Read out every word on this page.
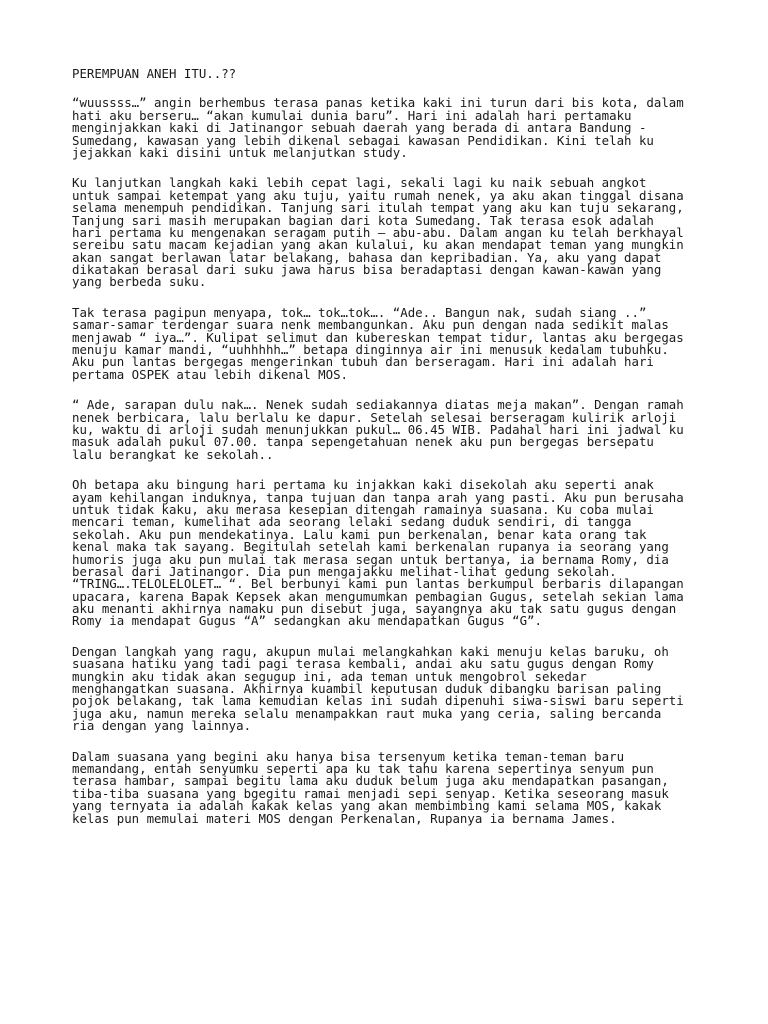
PEREMPUAN ANEH ITU..??
“wuussss…” angin berhembus terasa panas ketika kaki ini turun dari bis kota, dalam
hati aku berseru… “akan kumulai dunia baru”. Hari ini adalah hari pertamaku
menginjakkan kaki di Jatinangor sebuah daerah yang berada di antara Bandung -
Sumedang, kawasan yang lebih dikenal sebagai kawasan Pendidikan. Kini telah ku
jejakkan kaki disini untuk melanjutkan study.
Ku lanjutkan langkah kaki lebih cepat lagi, sekali lagi ku naik sebuah angkot
untuk sampai ketempat yang aku tuju, yaitu rumah nenek, ya aku akan tinggal disana
selama menempuh pendidikan. Tanjung sari itulah tempat yang aku kan tuju sekarang,
Tanjung sari masih merupakan bagian dari kota Sumedang. Tak terasa esok adalah
hari pertama ku mengenakan seragam putih – abu-abu. Dalam angan ku telah berkhayal
sereibu satu macam kejadian yang akan kulalui, ku akan mendapat teman yang mungkin
akan sangat berlawan latar belakang, bahasa dan kepribadian. Ya, aku yang dapat
dikatakan berasal dari suku jawa harus bisa beradaptasi dengan kawan-kawan yang
yang berbeda suku.
Tak terasa pagipun menyapa, tok… tok…tok…. “Ade.. Bangun nak, sudah siang ..”
samar-samar terdengar suara nenk membangunkan. Aku pun dengan nada sedikit malas
menjawab “ iya…”. Kulipat selimut dan kubereskan tempat tidur, lantas aku bergegas
menuju kamar mandi, “uuhhhhh…” betapa dinginnya air ini menusuk kedalam tubuhku.
Aku pun lantas bergegas mengerinkan tubuh dan berseragam. Hari ini adalah hari
pertama OSPEK atau lebih dikenal MOS.
“ Ade, sarapan dulu nak…. Nenek sudah sediakannya diatas meja makan”. Dengan ramah
nenek berbicara, lalu berlalu ke dapur. Setelah selesai berseragam kulirik arloji
ku, waktu di arloji sudah menunjukkan pukul… 06.45 WIB. Padahal hari ini jadwal ku
masuk adalah pukul 07.00. tanpa sepengetahuan nenek aku pun bergegas bersepatu
lalu berangkat ke sekolah..
Oh betapa aku bingung hari pertama ku injakkan kaki disekolah aku seperti anak
ayam kehilangan induknya, tanpa tujuan dan tanpa arah yang pasti. Aku pun berusaha
untuk tidak kaku, aku merasa kesepian ditengah ramainya suasana. Ku coba mulai
mencari teman, kumelihat ada seorang lelaki sedang duduk sendiri, di tangga
sekolah. Aku pun mendekatinya. Lalu kami pun berkenalan, benar kata orang tak
kenal maka tak sayang. Begitulah setelah kami berkenalan rupanya ia seorang yang
humoris juga aku pun mulai tak merasa segan untuk bertanya, ia bernama Romy, dia
berasal dari Jatinangor. Dia pun mengajakku melihat-lihat gedung sekolah.
“TRING….TELOLELOLET… “. Bel berbunyi kami pun lantas berkumpul berbaris dilapangan
upacara, karena Bapak Kepsek akan mengumumkan pembagian Gugus, setelah sekian lama
aku menanti akhirnya namaku pun disebut juga, sayangnya aku tak satu gugus dengan
Romy ia mendapat Gugus “A” sedangkan aku mendapatkan Gugus “G”.
Dengan langkah yang ragu, akupun mulai melangkahkan kaki menuju kelas baruku, oh
suasana hatiku yang tadi pagi terasa kembali, andai aku satu gugus dengan Romy
mungkin aku tidak akan segugup ini, ada teman untuk mengobrol sekedar
menghangatkan suasana. Akhirnya kuambil keputusan duduk dibangku barisan paling
pojok belakang, tak lama kemudian kelas ini sudah dipenuhi siwa-siswi baru seperti
juga aku, namun mereka selalu menampakkan raut muka yang ceria, saling bercanda
ria dengan yang lainnya.
Dalam suasana yang begini aku hanya bisa tersenyum ketika teman-teman baru
memandang, entah senyumku seperti apa ku tak tahu karena sepertinya senyum pun
terasa hambar, sampai begitu lama aku duduk belum juga aku mendapatkan pasangan,
tiba-tiba suasana yang bgegitu ramai menjadi sepi senyap. Ketika seseorang masuk
yang ternyata ia adalah kakak kelas yang akan membimbing kami selama MOS, kakak
kelas pun memulai materi MOS dengan Perkenalan, Rupanya ia bernama James.
